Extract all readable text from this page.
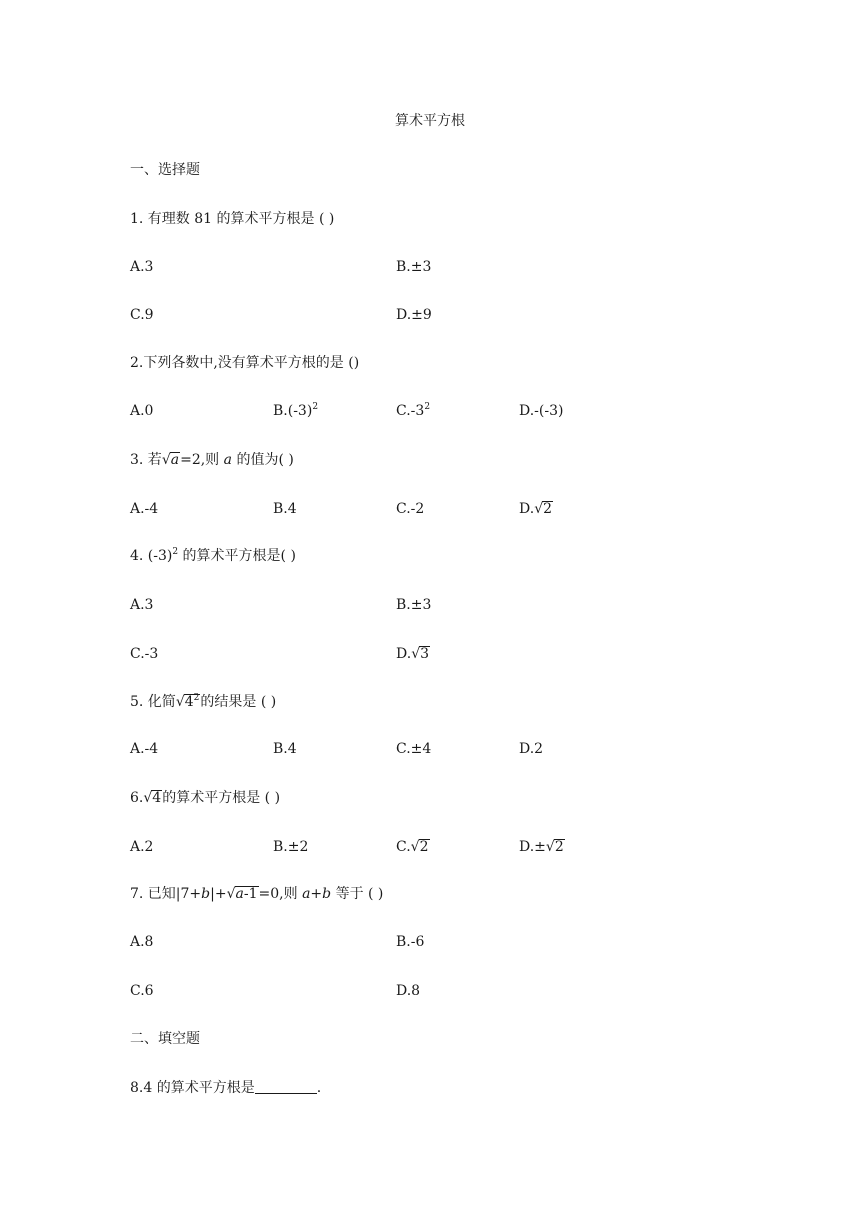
算术平方根
一、选择题
1. 有理数 81 的算术平方根是 ( )
A.3	B.±3
C.9	D.±9
2.下列各数中,没有算术平方根的是 ()
A.0	$B.(-3)^2$	$C.-3^2$	D.-(-3)
3. 若√a=2,则 a 的值为( )
A.-4	B.4	C.-2	D.√2
4. $(-3)^2$ 的算术平方根是( )
A.3	B.±3
C.-3	D.√3
5. 化简$√4^2$的结果是 ( )
A.-4	B.4	C.±4	D.2
6.√4的算术平方根是 ( )
A.2	B.±2	C.√2	D.±√2
7. 已知|7+b|+√a-1=0,则 a+b 等于 ( )
A.8	B.-6
C.6	D.8
二、填空题
8.4 的算术平方根是	.
